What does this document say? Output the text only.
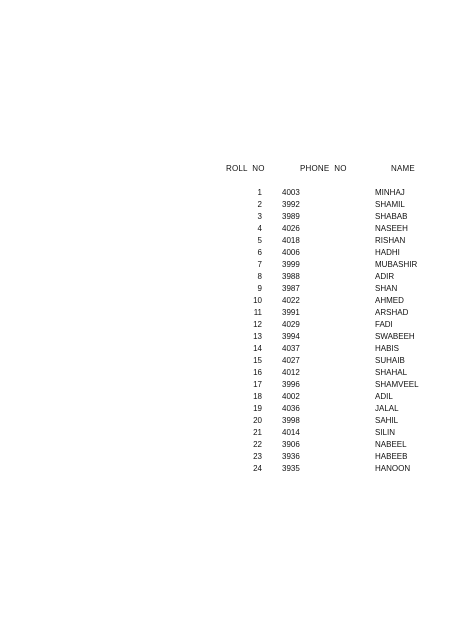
ROLL  NO	PHONE  NO	NAME
1	4003	MINHAJ
2	3992	SHAMIL
3	3989	SHABAB
4	4026	NASEEH
5	4018	RISHAN
6	4006	HADHI
7	3999	MUBASHIR
8	3988	ADIR
9	3987	SHAN
10	4022	AHMED
11	3991	ARSHAD
12	4029	FADI
13	3994	SWABEEH
14	4037	HABIS
15	4027	SUHAIB
16	4012	SHAHAL
17	3996	SHAMVEEL
18	4002	ADIL
19	4036	JALAL
20	3998	SAHIL
21	4014	SILIN
22	3906	NABEEL
23	3936	HABEEB
24	3935	HANOON
